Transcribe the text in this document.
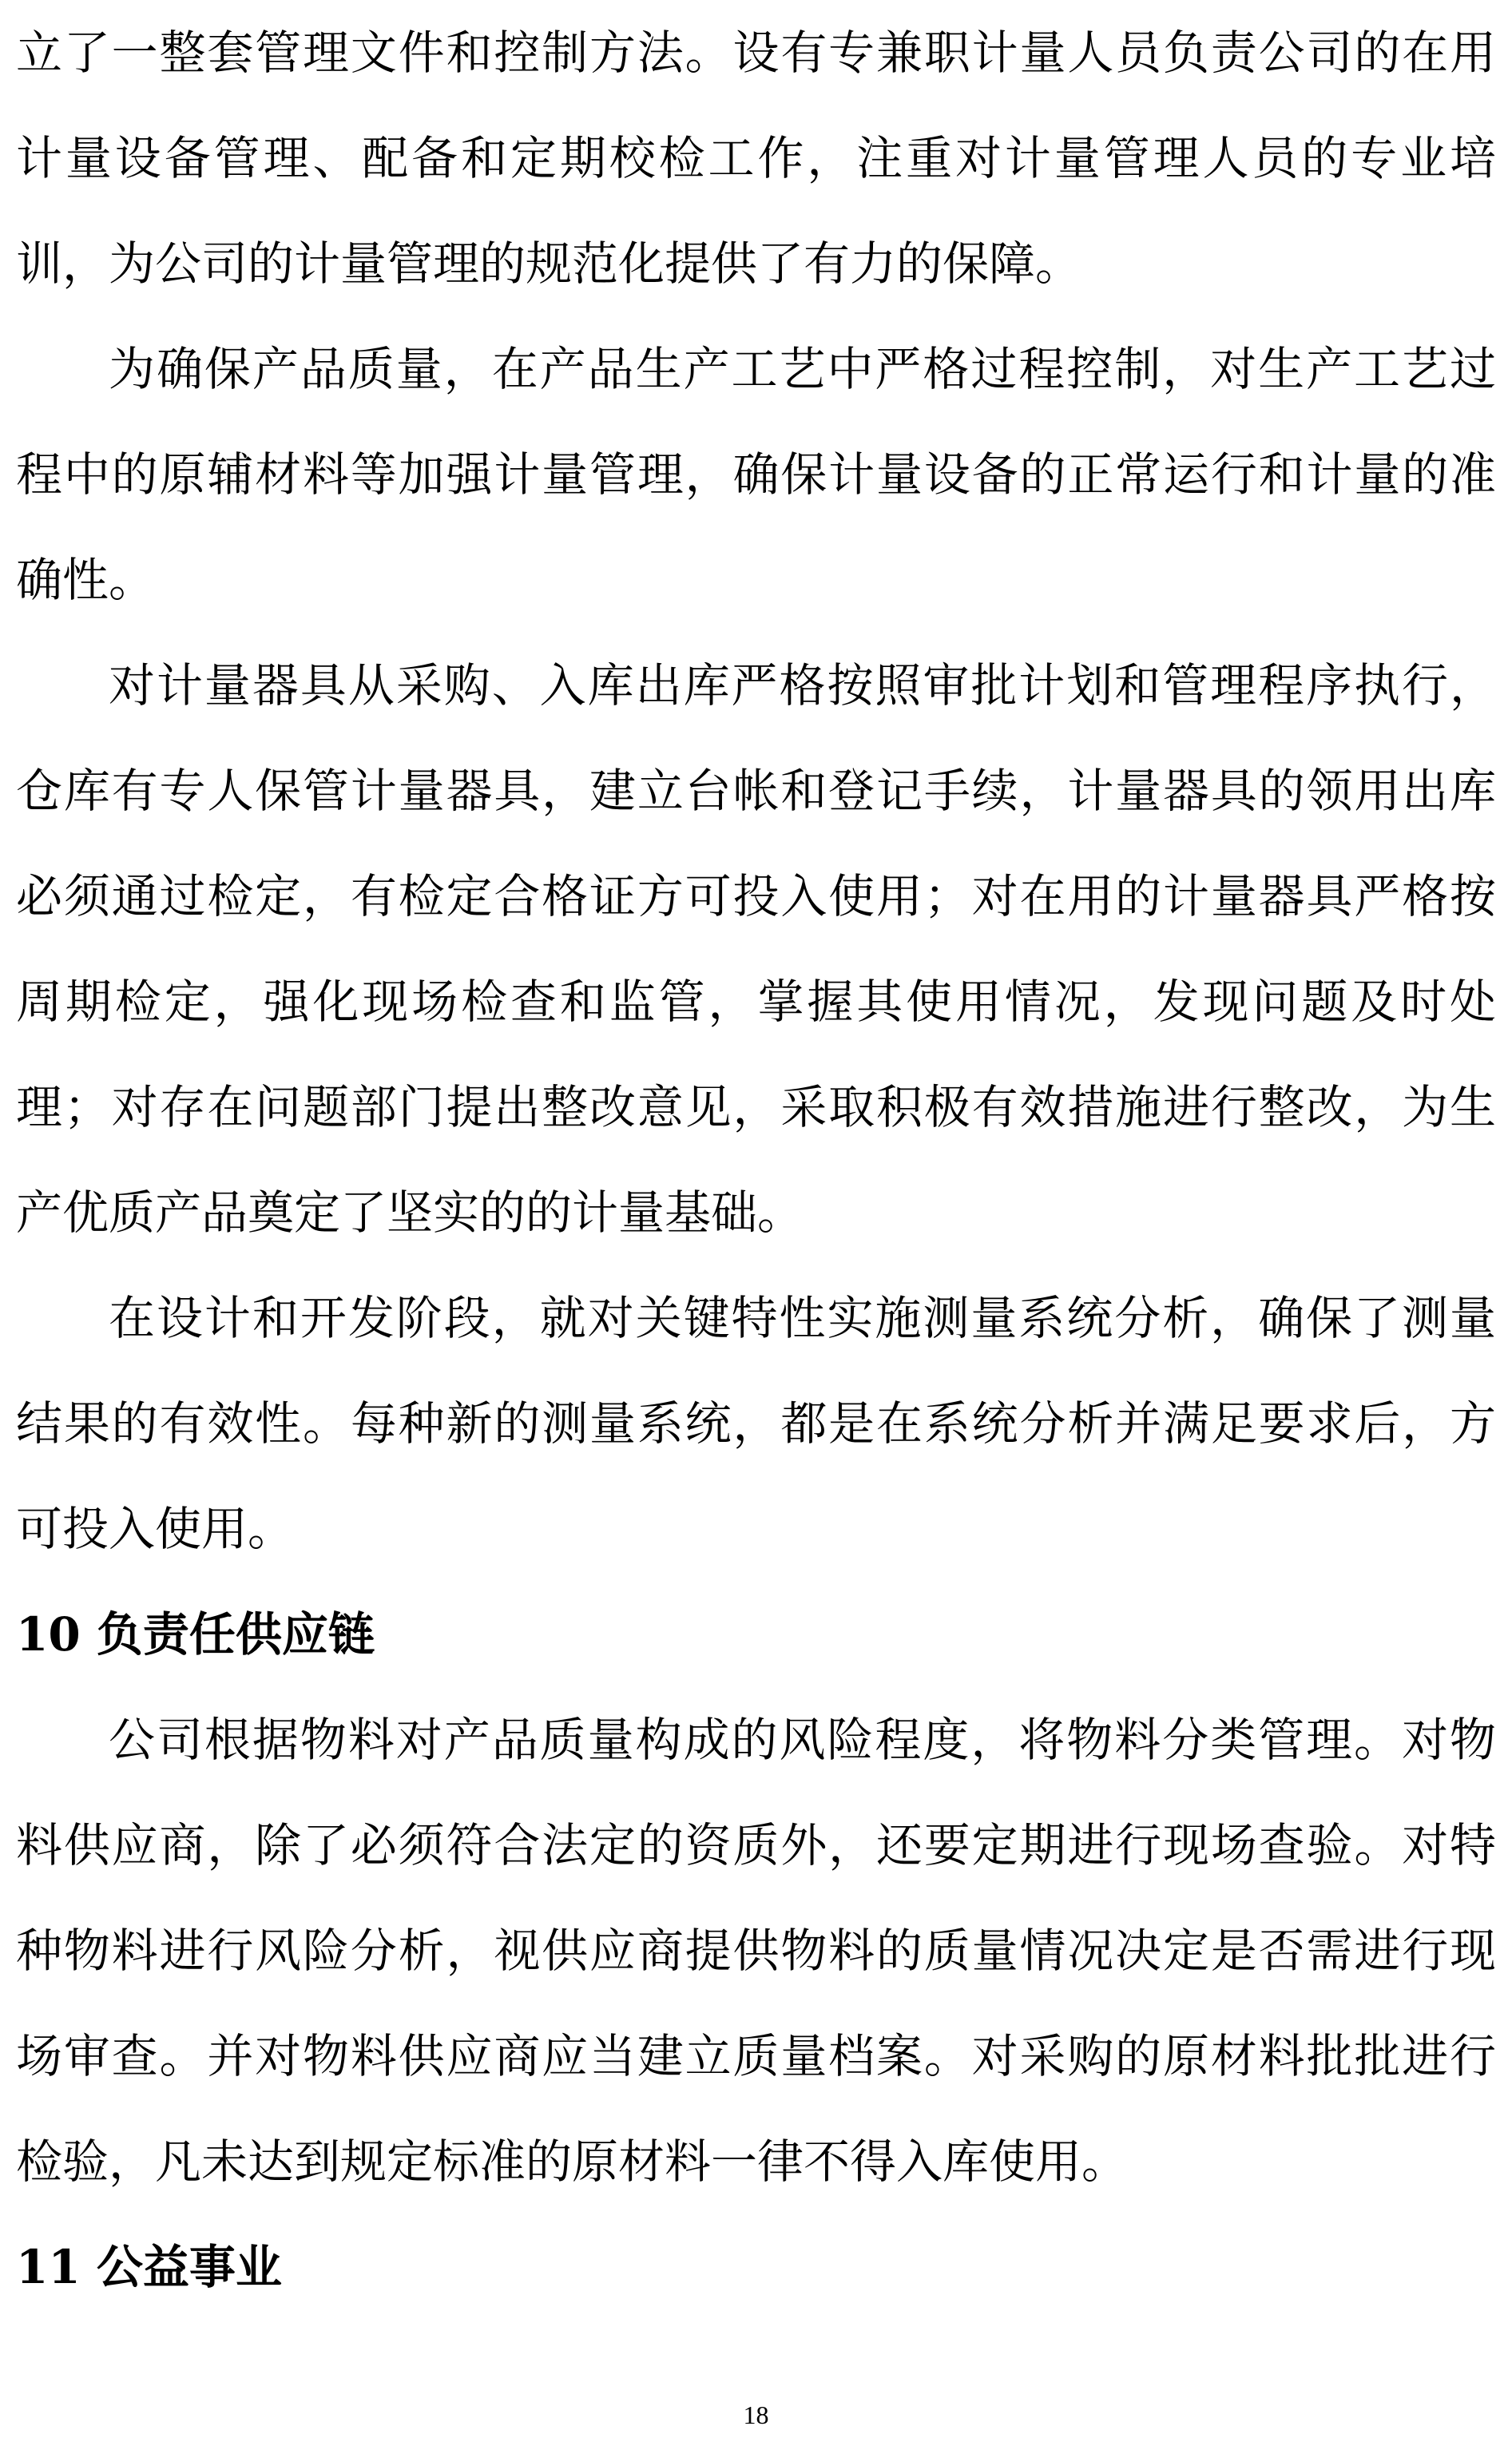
立了一整套管理文件和控制方法。设有专兼职计量人员负责公司的在用计量设备管理、配备和定期校检工作，注重对计量管理人员的专业培训，为公司的计量管理的规范化提供了有力的保障。

为确保产品质量，在产品生产工艺中严格过程控制，对生产工艺过程中的原辅材料等加强计量管理，确保计量设备的正常运行和计量的准确性。

对计量器具从采购、入库出库严格按照审批计划和管理程序执行，仓库有专人保管计量器具，建立台帐和登记手续，计量器具的领用出库必须通过检定，有检定合格证方可投入使用；对在用的计量器具严格按周期检定，强化现场检查和监管，掌握其使用情况，发现问题及时处理；对存在问题部门提出整改意见，采取积极有效措施进行整改，为生产优质产品奠定了坚实的的计量基础。

在设计和开发阶段，就对关键特性实施测量系统分析，确保了测量结果的有效性。每种新的测量系统，都是在系统分析并满足要求后，方可投入使用。

10 负责任供应链

公司根据物料对产品质量构成的风险程度，将物料分类管理。对物料供应商，除了必须符合法定的资质外，还要定期进行现场查验。对特种物料进行风险分析，视供应商提供物料的质量情况决定是否需进行现场审查。并对物料供应商应当建立质量档案。对采购的原材料批批进行检验，凡未达到规定标准的原材料一律不得入库使用。

11 公益事业

18
